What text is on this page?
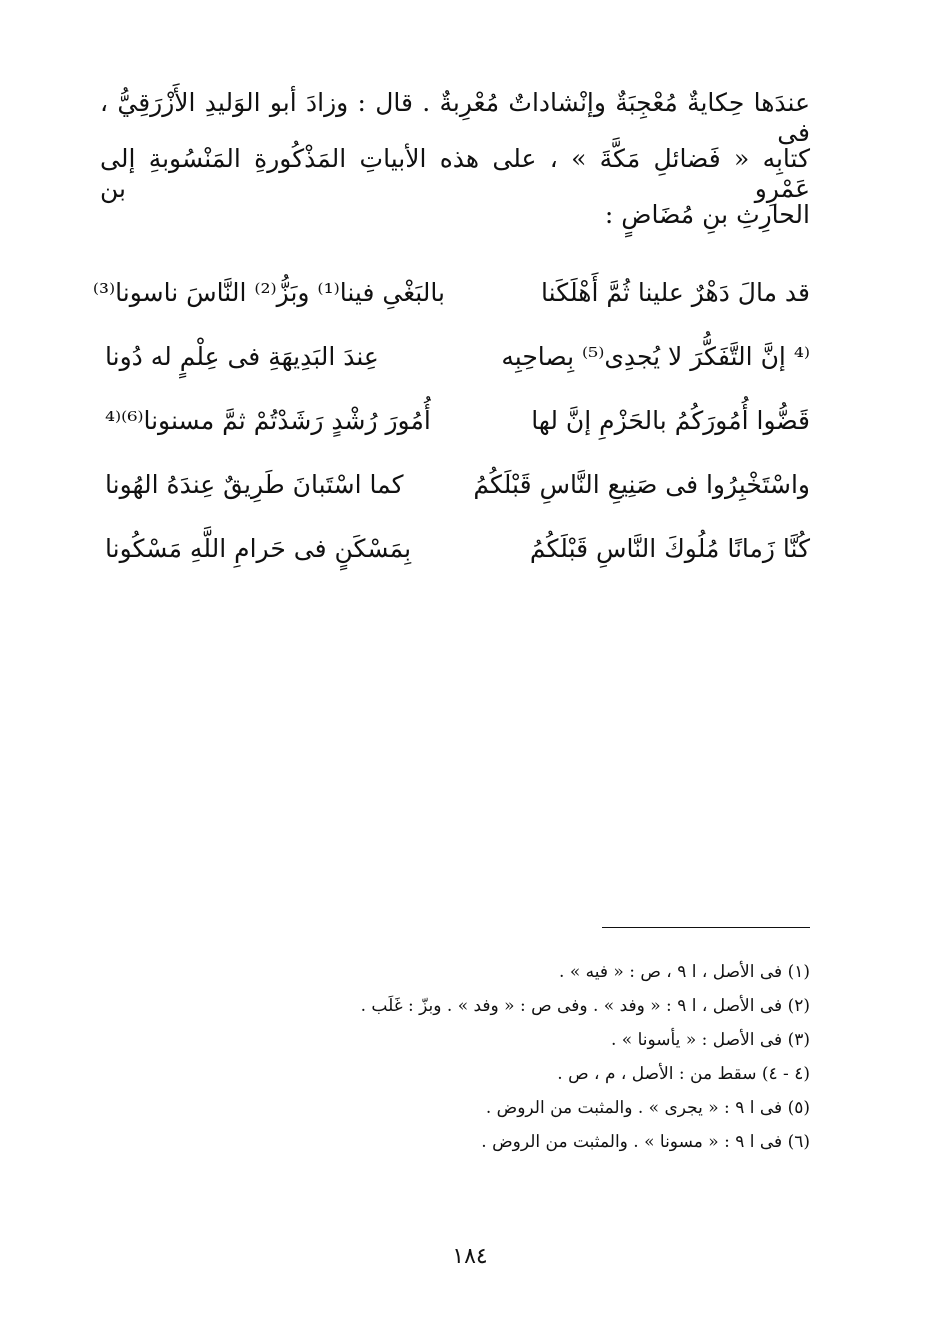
عندَها حِكايةٌ مُعْجِبَةٌ وإنْشاداتٌ مُعْرِبةٌ . قال : وزادَ أبو الوَليدِ الأَزْرَقِيُّ ، فى
كتابِه « فَضائلِ مَكَّةَ » ، على هذه الأبياتِ المَذْكُورةِ المَنْسُوبةِ إلى عَمْرِو بن
الحارِثِ بنِ مُضَاضٍ :
قد مالَ دَهْرٌ علينا ثُمَّ أَهْلَكَنا
بالبَغْىِ فينا⁽¹⁾ وبَزُّ⁽²⁾ النَّاسَ ناسونا⁽³⁾
⁽⁴ إنَّ التَّفَكُّرَ لا يُجدِى⁽⁵⁾ بِصاحِبِه
عِندَ البَدِيهَةِ فى عِلْمٍ له دُونا
قَضُّوا أُمُورَكُمُ بالحَزْمِ إنَّ لها
أُمُورَ رُشْدٍ رَشَدْتُمْ ثمَّ مسنونا⁽⁶⁾⁽⁴
واسْتَخْبِرُوا فى صَنِيعِ النَّاسِ قَبْلَكُمُ
كما اسْتَبانَ طَرِيقٌ عِندَهُ الهُونا
كُنَّا زَمانًا مُلُوكَ النَّاسِ قَبْلَكُمُ
بِمَسْكَنٍ فى حَرامِ اللَّهِ مَسْكُونا
(١) فى الأصل ، ا ٩ ، ص : « فيه » .
(٢) فى الأصل ، ا ٩ : « وفد » . وفى ص : « وفد » . وبزّ : غَلَب .
(٣) فى الأصل : « يأسونا » .
(٤ - ٤) سقط من : الأصل ، م ، ص .
(٥) فى ا ٩ : « يجرى » . والمثبت من الروض .
(٦) فى ا ٩ : « مسونا » . والمثبت من الروض .
١٨٤
